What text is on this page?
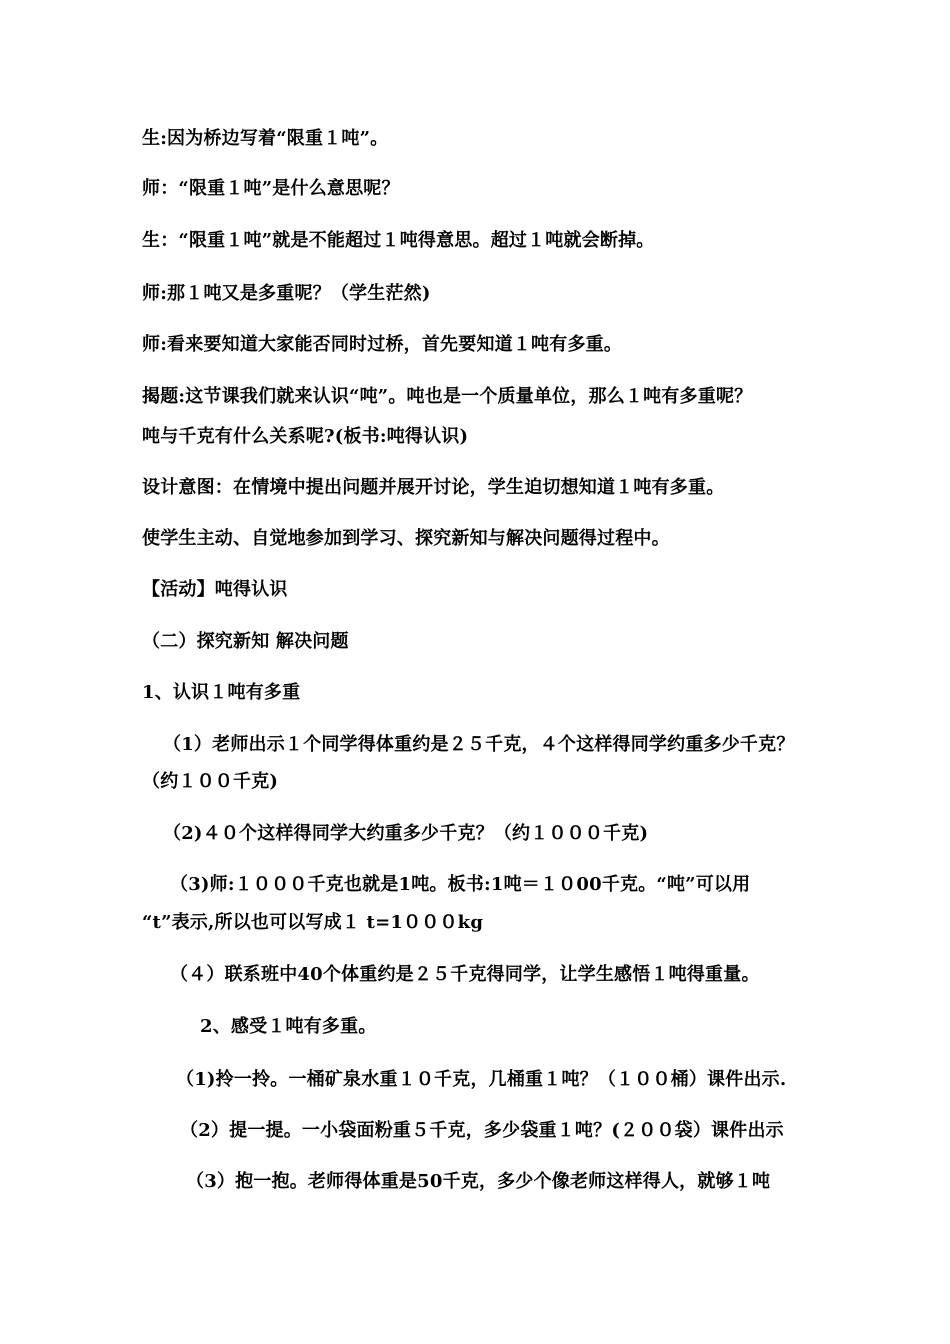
生:因为桥边写着“限重１吨”。
师：“限重１吨”是什么意思呢？
生：“限重１吨”就是不能超过１吨得意思。超过１吨就会断掉。
师:那１吨又是多重呢？（学生茫然)
师:看来要知道大家能否同时过桥，首先要知道１吨有多重。
揭题:这节课我们就来认识“吨”。吨也是一个质量单位，那么１吨有多重呢？
吨与千克有什么关系呢?(板书:吨得认识)
设计意图：在情境中提出问题并展开讨论，学生迫切想知道１吨有多重。
使学生主动、自觉地参加到学习、探究新知与解决问题得过程中。
【活动】吨得认识
（二）探究新知 解决问题
1、认识１吨有多重
（1）老师出示１个同学得体重约是２５千克，４个这样得同学约重多少千克？
（约１００千克)
（2)４０个这样得同学大约重多少千克？（约１０００千克)
（3)师:１０００千克也就是1吨。板书:1吨＝１０00千克。“吨”可以用
“t”表示,所以也可以写成１ t=1０００kg
（４）联系班中40个体重约是２５千克得同学，让学生感悟１吨得重量。
2、感受１吨有多重。
（1)拎一拎。一桶矿泉水重１０千克，几桶重１吨？（１００桶）课件出示.
（2）提一提。一小袋面粉重５千克，多少袋重１吨？(２００袋）课件出示
（3）抱一抱。老师得体重是50千克，多少个像老师这样得人，就够１吨
